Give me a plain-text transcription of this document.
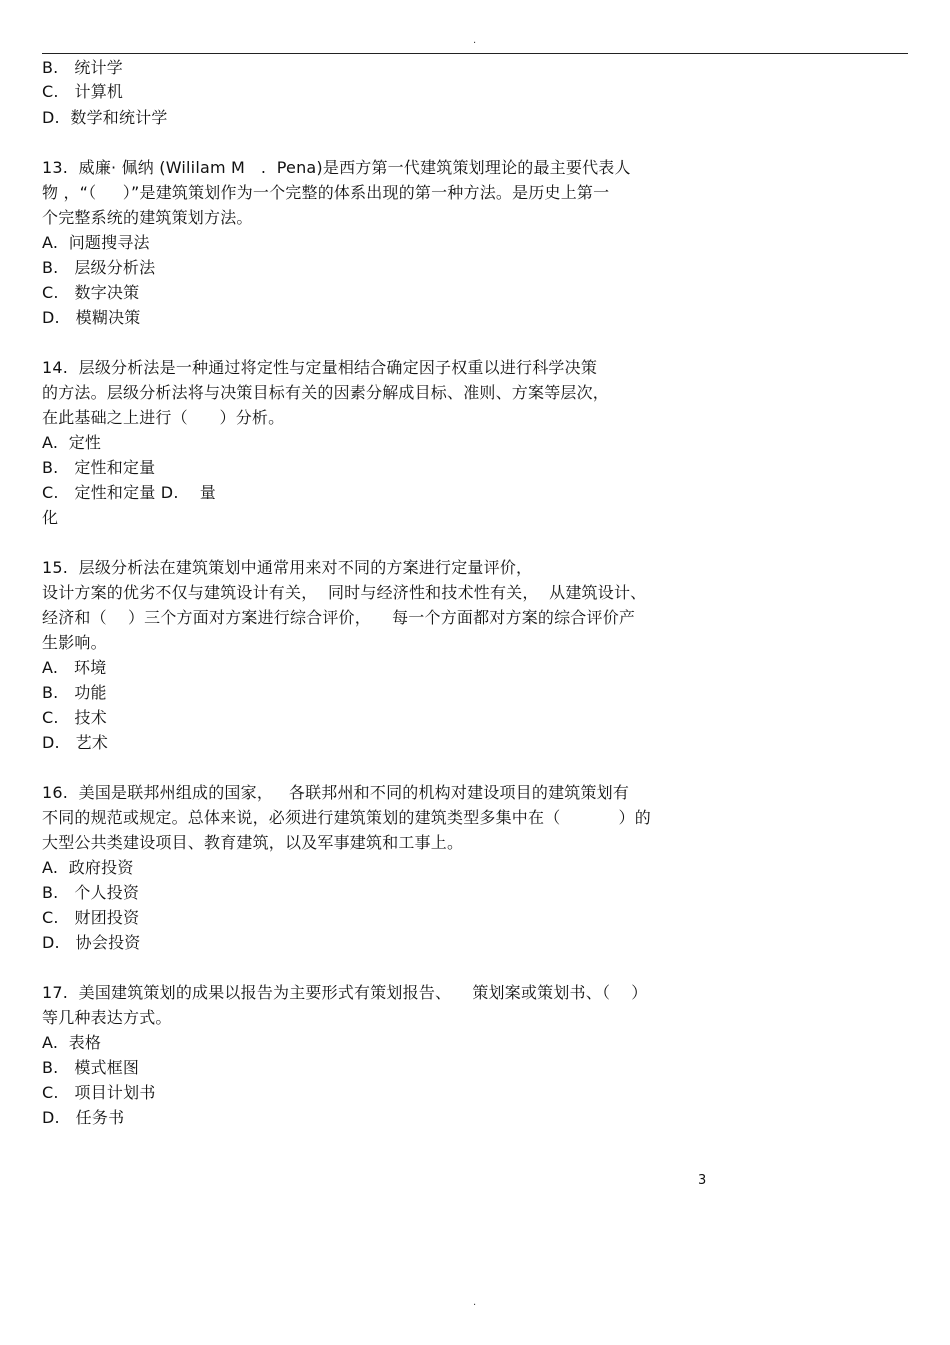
.
B.   统计学
C.   计算机
D.  数学和统计学
13.  威廉· 佩纳 (Wililam M   .  Pena)是西方第一代建筑策划理论的最主要代表人
物 ，“（     ）”是建筑策划作为一个完整的体系出现的第一种方法。是历史上第一
个完整系统的建筑策划方法。
A.  问题搜寻法
B.   层级分析法
C.   数字决策
D.   模糊决策
14.  层级分析法是一种通过将定性与定量相结合确定因子权重以进行科学决策
的方法。层级分析法将与决策目标有关的因素分解成目标、准则、方案等层次，
在此基础之上进行（      ）分析。
A.  定性
B.   定性和定量
C.   定性和定量 D.    量
化
15.  层级分析法在建筑策划中通常用来对不同的方案进行定量评价，
设计方案的优劣不仅与建筑设计有关，  同时与经济性和技术性有关，  从建筑设计、
经济和（    ）三个方面对方案进行综合评价，    每一个方面都对方案的综合评价产
生影响。
A.   环境
B.   功能
C.   技术
D.   艺术
16.  美国是联邦州组成的国家，   各联邦州和不同的机构对建设项目的建筑策划有
不同的规范或规定。总体来说，必须进行建筑策划的建筑类型多集中在（           ）的
大型公共类建设项目、教育建筑，以及军事建筑和工事上。
A.  政府投资
B.   个人投资
C.   财团投资
D.   协会投资
17.  美国建筑策划的成果以报告为主要形式有策划报告、    策划案或策划书、（    ）
等几种表达方式。
A.  表格
B.   模式框图
C.   项目计划书
D.   任务书
3
.
